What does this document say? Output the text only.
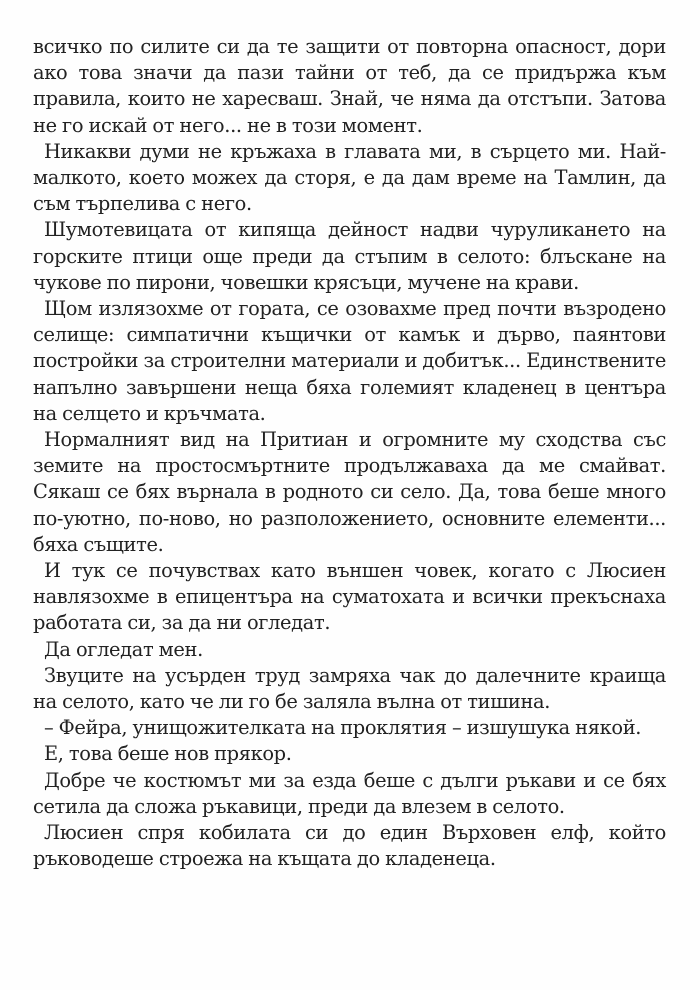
всичко по силите си да те защити от повторна опасност, дори ако това значи да пази тайни от теб, да се придържа към правила, които не харесваш. Знай, че няма да отстъпи. Затова не го искай от него... не в този момент.

Никакви думи не кръжаха в главата ми, в сърцето ми. Най-малкото, което можех да сторя, е да дам време на Тамлин, да съм търпелива с него.

Шумотевицата от кипяща дейност надви чуруликането на горските птици още преди да стъпим в селото: блъскане на чукове по пирони, човешки крясъци, мучене на крави.

Щом излязохме от гората, се озовахме пред почти възродено селище: симпатични къщички от камък и дърво, паянтови постройки за строителни материали и добитък... Единствените напълно завършени неща бяха големият кладенец в центъра на селцето и кръчмата.

Нормалният вид на Притиан и огромните му сходства със земите на простосмъртните продължаваха да ме смайват. Сякаш се бях върнала в родното си село. Да, това беше много по-уютно, по-ново, но разположението, основните елементи... бяха същите.

И тук се почувствах като външен човек, когато с Люсиен навлязохме в епицентъра на суматохата и всички прекъснаха работата си, за да ни огледат.

Да огледат мен.

Звуците на усърден труд замряха чак до далечните краища на селото, като че ли го бе заляла вълна от тишина.

– Фейра, унищожителката на проклятия – изшушука някой.

Е, това беше нов прякор.

Добре че костюмът ми за езда беше с дълги ръкави и се бях сетила да сложа ръкавици, преди да влезем в селото.

Люсиен спря кобилата си до един Върховен елф, който ръководеше строежа на къщата до кладенеца.
